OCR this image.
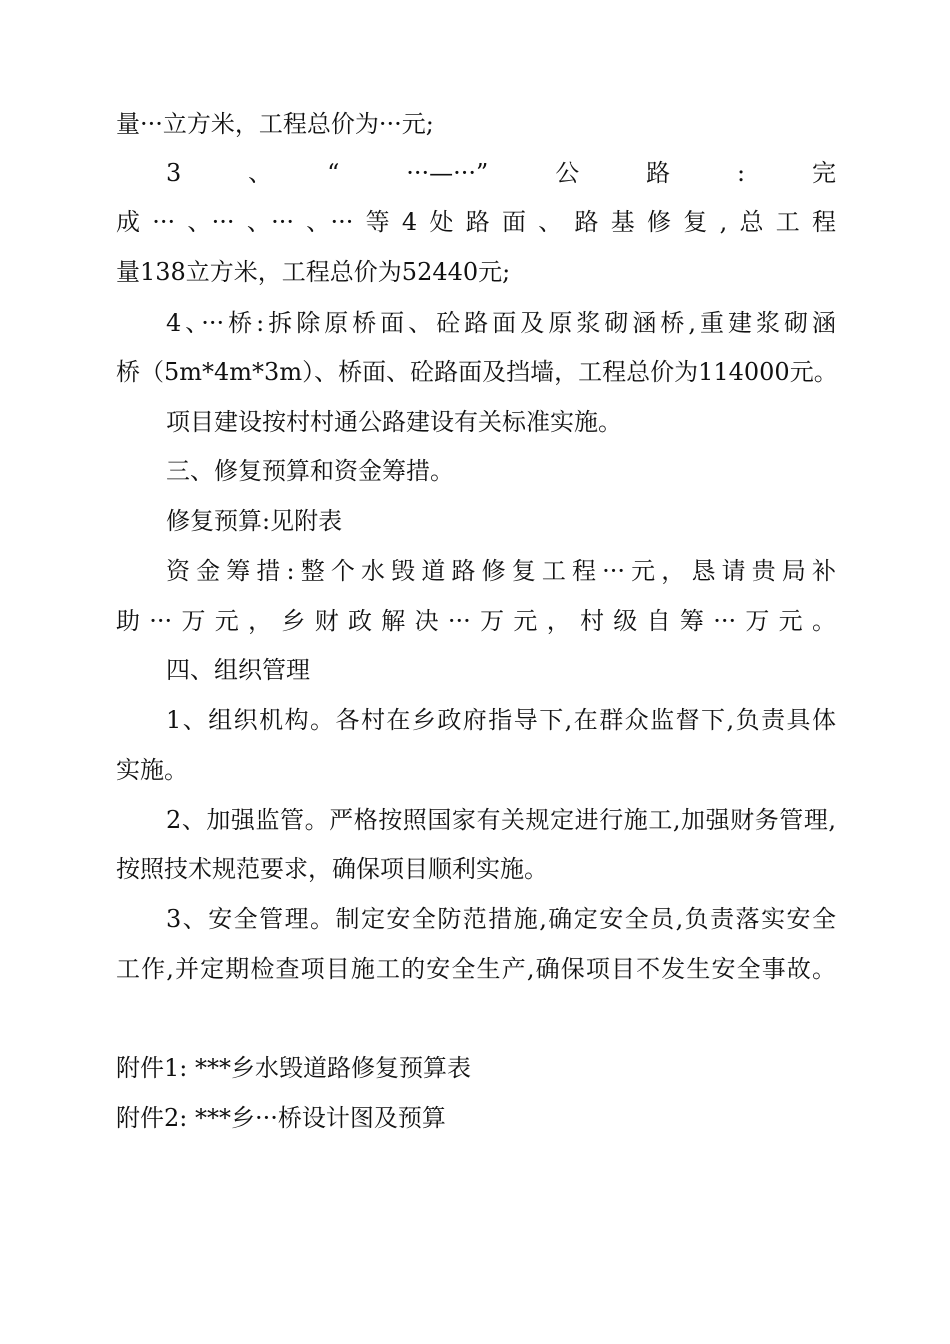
量···立方米，工程总价为···元;
3　、　“　···—···”　公　路　:　完
成···、···、···、···等4处路面、路基修复,总工程
量138立方米，工程总价为52440元;
4、···桥:拆除原桥面、砼路面及原浆砌涵桥,重建浆砌涵
桥（5m*4m*3m）、桥面、砼路面及挡墙，工程总价为114000元。
项目建设按村村通公路建设有关标准实施。
三、修复预算和资金筹措。
修复预算:见附表
资金筹措:整个水毁道路修复工程···元，恳请贵局补
助···万元，乡财政解决···万元，村级自筹···万元。
四、组织管理
1、组织机构。各村在乡政府指导下,在群众监督下,负责具体
实施。
2、加强监管。严格按照国家有关规定进行施工,加强财务管理,
按照技术规范要求，确保项目顺利实施。
3、安全管理。制定安全防范措施,确定安全员,负责落实安全
工作,并定期检查项目施工的安全生产,确保项目不发生安全事故。
附件1: ***乡水毁道路修复预算表
附件2: ***乡···桥设计图及预算
